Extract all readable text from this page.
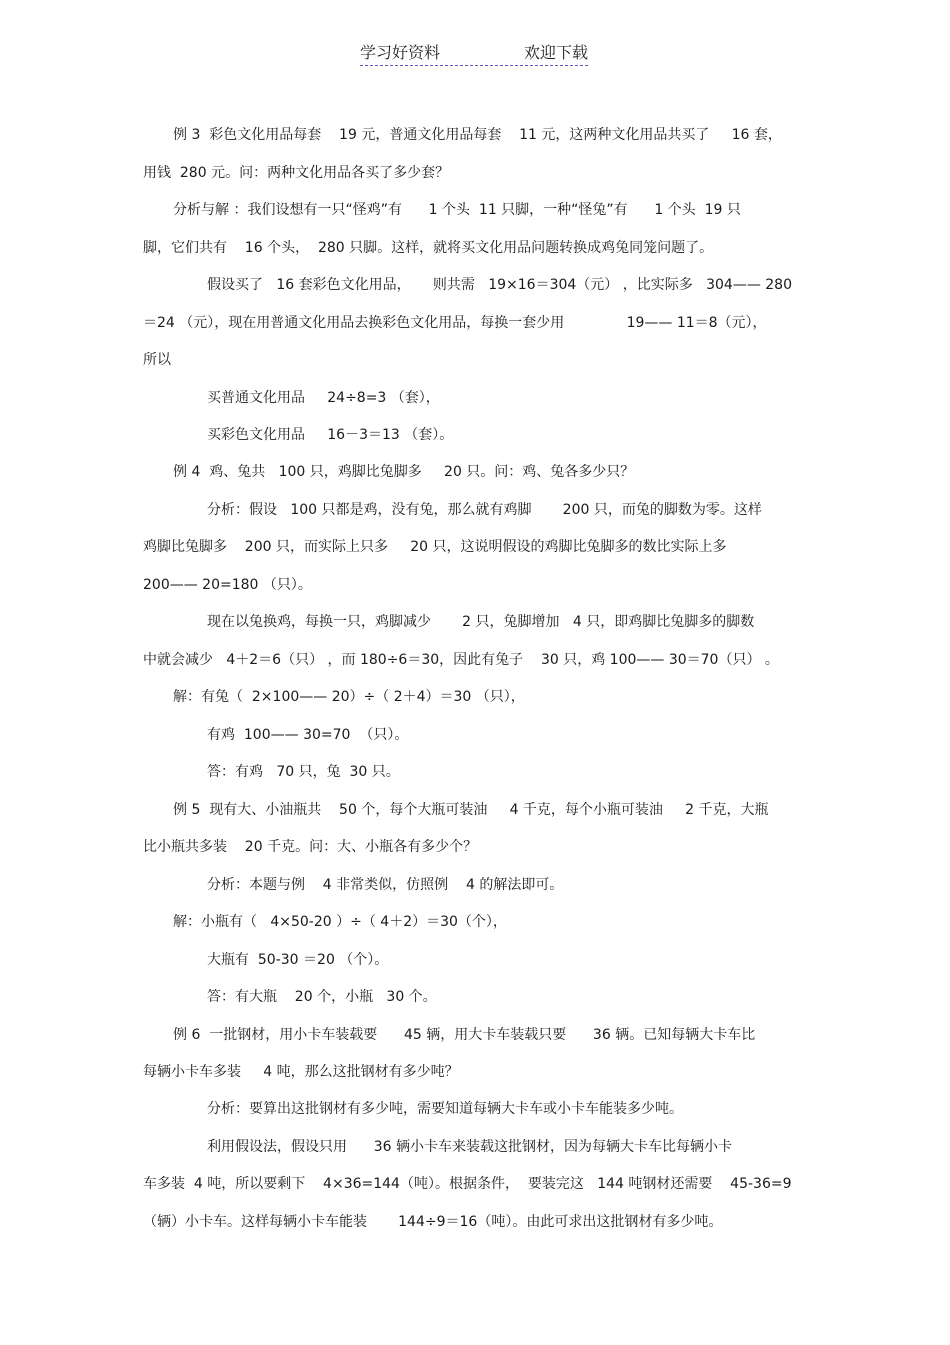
学习好资料	欢迎下载
例 3  彩色文化用品每套    19 元，普通文化用品每套    11 元，这两种文化用品共买了     16 套，
用钱  280 元。问：两种文化用品各买了多少套？
分析与解 ：我们设想有一只“怪鸡”有      1 个头  11 只脚，一种“怪兔”有      1 个头  19 只
脚，它们共有    16 个头，  280 只脚。这样，就将买文化用品问题转换成鸡兔同笼问题了。
假设买了   16 套彩色文化用品，     则共需   19×16＝304（元） ，比实际多   304—— 280
＝24 （元），现在用普通文化用品去换彩色文化用品，每换一套少用              19—— 11＝8（元），
所以
买普通文化用品     24÷8=3 （套），
买彩色文化用品     16－3＝13 （套）。
例 4  鸡、兔共   100 只，鸡脚比兔脚多     20 只。问：鸡、兔各多少只？
分析：假设   100 只都是鸡，没有兔，那么就有鸡脚       200 只，而兔的脚数为零。这样
鸡脚比兔脚多    200 只，而实际上只多     20 只，这说明假设的鸡脚比兔脚多的数比实际上多
200—— 20=180 （只）。
现在以兔换鸡，每换一只，鸡脚减少       2 只，兔脚增加   4 只，即鸡脚比兔脚多的脚数
中就会减少   4＋2＝6（只） ，而 180÷6＝30，因此有兔子    30 只，鸡 100—— 30＝70（只） 。
解：有兔（  2×100—— 20）÷（ 2＋4）＝30 （只），
有鸡  100—— 30=70  （只）。
答：有鸡   70 只，兔  30 只。
例 5  现有大、小油瓶共    50 个，每个大瓶可装油     4 千克，每个小瓶可装油     2 千克，大瓶
比小瓶共多装    20 千克。问：大、小瓶各有多少个？
分析：本题与例    4 非常类似，仿照例    4 的解法即可。
解：小瓶有（   4×50-20 ）÷（ 4＋2）＝30（个），
大瓶有  50-30 ＝20 （个）。
答：有大瓶    20 个，小瓶   30 个。
例 6  一批钢材，用小卡车装载要      45 辆，用大卡车装载只要      36 辆。已知每辆大卡车比
每辆小卡车多装     4 吨，那么这批钢材有多少吨？
分析：要算出这批钢材有多少吨，需要知道每辆大卡车或小卡车能装多少吨。
利用假设法，假设只用      36 辆小卡车来装载这批钢材，因为每辆大卡车比每辆小卡
车多装  4 吨，所以要剩下    4×36=144（吨）。根据条件，  要装完这   144 吨钢材还需要    45-36=9
（辆）小卡车。这样每辆小卡车能装       144÷9＝16（吨）。由此可求出这批钢材有多少吨。
